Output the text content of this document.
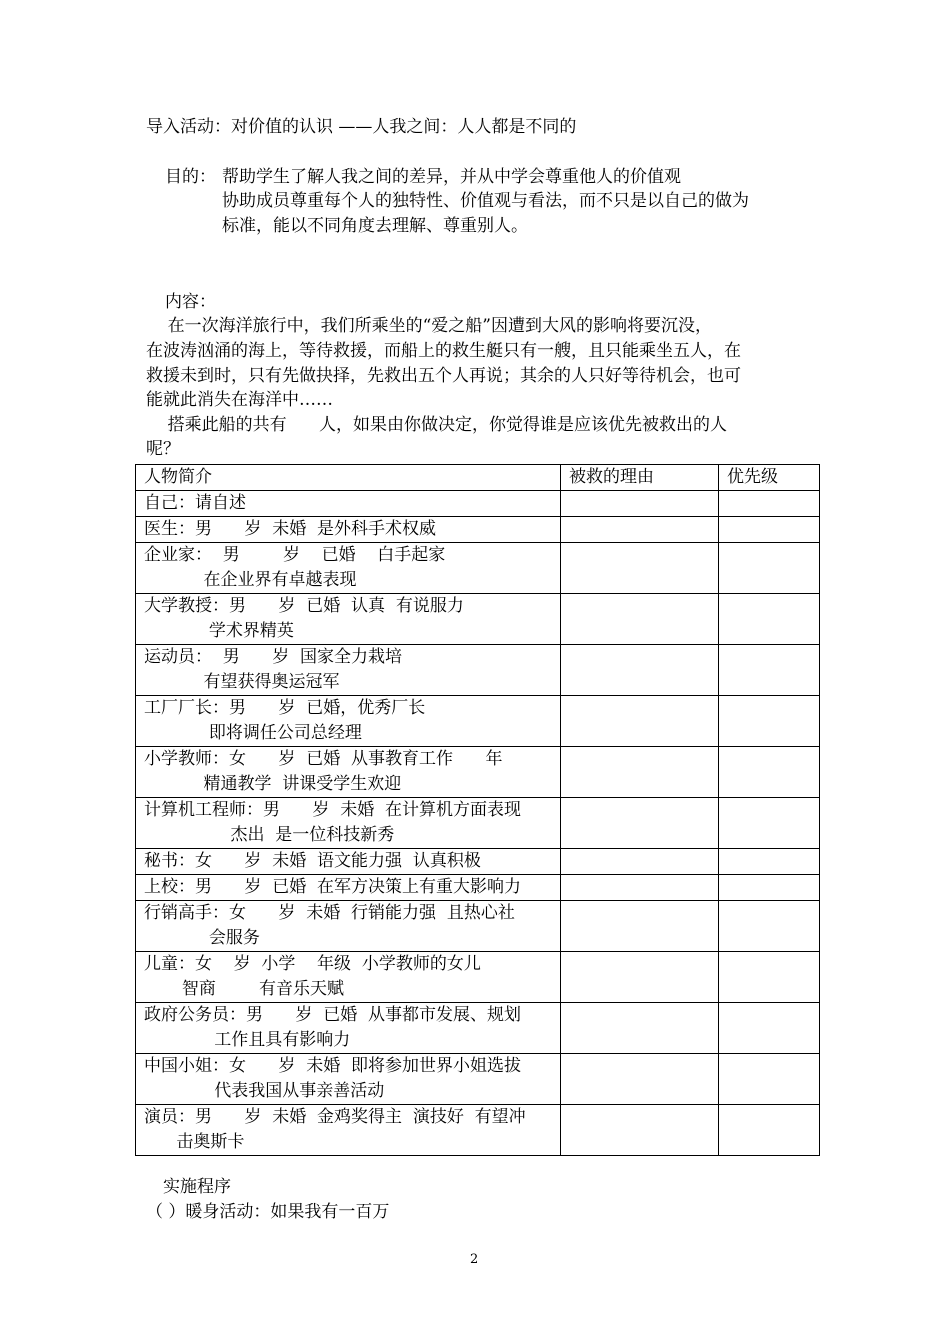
导入活动：对价值的认识 ——人我之间：人人都是不同的
目的： 帮助学生了解人我之间的差异，并从中学会尊重他人的价值观
协助成员尊重每个人的独特性、价值观与看法，而不只是以自己的做为
标准，能以不同角度去理解、尊重别人。
内容：
在一次海洋旅行中，我们所乘坐的“爱之船”因遭到大风的影响将要沉没，
在波涛汹涌的海上，等待救援，而船上的救生艇只有一艘，且只能乘坐五人，在
救援未到时，只有先做抉择，先救出五个人再说；其余的人只好等待机会，也可
能就此消失在海洋中……
搭乘此船的共有      人，如果由你做决定，你觉得谁是应该优先被救出的人
呢？
人物简介	被救的理由	优先级

自己：请自述		

医生：男      岁  未婚  是外科手术权威		

企业家：  男        岁    已婚    白手起家
在企业界有卓越表现		

大学教授：男      岁  已婚  认真  有说服力
学术界精英		

运动员：  男      岁  国家全力栽培
有望获得奥运冠军		

工厂厂长：男      岁  已婚，优秀厂长
即将调任公司总经理		

小学教师：女      岁  已婚  从事教育工作      年
精通教学  讲课受学生欢迎		

计算机工程师：男      岁  未婚  在计算机方面表现
杰出  是一位科技新秀		

秘书：女      岁  未婚  语文能力强  认真积极		

上校：男      岁  已婚  在军方决策上有重大影响力		

行销高手：女      岁  未婚  行销能力强  且热心社
会服务		

儿童：女    岁  小学    年级  小学教师的女儿
智商        有音乐天赋		

政府公务员：男      岁  已婚  从事都市发展、规划
工作且具有影响力		

中国小姐：女      岁  未婚  即将参加世界小姐选拔
代表我国从事亲善活动		

演员：男      岁  未婚  金鸡奖得主  演技好  有望冲
击奥斯卡		

实施程序
（ ）暖身活动：如果我有一百万
2
